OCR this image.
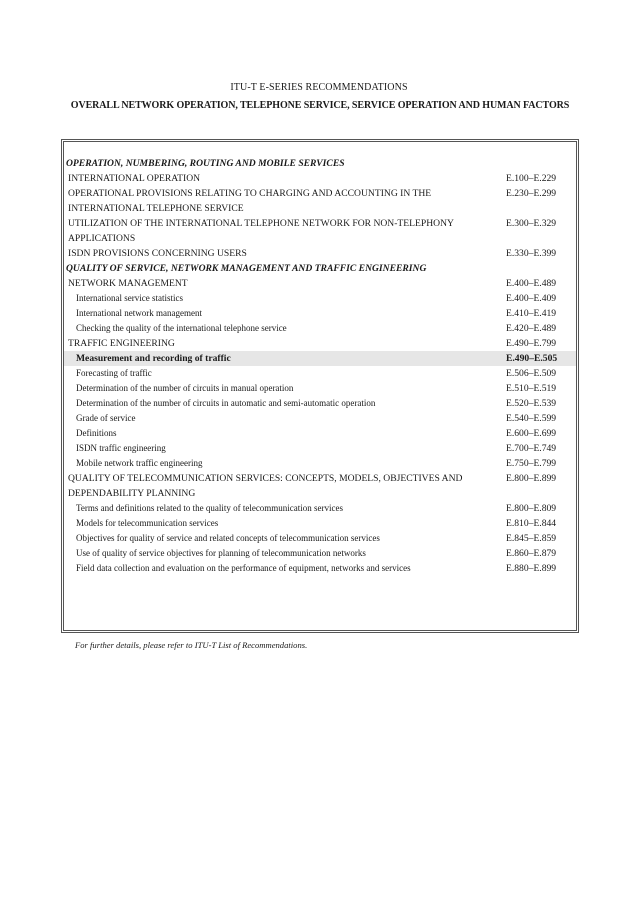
ITU-T E-SERIES RECOMMENDATIONS
OVERALL NETWORK OPERATION, TELEPHONE SERVICE, SERVICE OPERATION AND HUMAN FACTORS
OPERATION, NUMBERING, ROUTING AND MOBILE SERVICES
INTERNATIONAL OPERATION	E.100–E.229
OPERATIONAL PROVISIONS RELATING TO CHARGING AND ACCOUNTING IN THE INTERNATIONAL TELEPHONE SERVICE
E.230–E.299
UTILIZATION OF THE INTERNATIONAL TELEPHONE NETWORK FOR NON-TELEPHONY APPLICATIONS
E.300–E.329
ISDN PROVISIONS CONCERNING USERS	E.330–E.399
QUALITY OF SERVICE, NETWORK MANAGEMENT AND TRAFFIC ENGINEERING
NETWORK MANAGEMENT	E.400–E.489
International service statistics	E.400–E.409
International network management	E.410–E.419
Checking the quality of the international telephone service	E.420–E.489
TRAFFIC ENGINEERING	E.490–E.799
Measurement and recording of traffic	E.490–E.505
Forecasting of traffic	E.506–E.509
Determination of the number of circuits in manual operation	E.510–E.519
Determination of the number of circuits in automatic and semi-automatic operation	E.520–E.539
Grade of service	E.540–E.599
Definitions	E.600–E.699
ISDN traffic engineering	E.700–E.749
Mobile network traffic engineering	E.750–E.799
QUALITY OF TELECOMMUNICATION SERVICES: CONCEPTS, MODELS, OBJECTIVES AND DEPENDABILITY PLANNING
E.800–E.899
Terms and definitions related to the quality of telecommunication services	E.800–E.809
Models for telecommunication services	E.810–E.844
Objectives for quality of service and related concepts of telecommunication services	E.845–E.859
Use of quality of service objectives for planning of telecommunication networks	E.860–E.879
Field data collection and evaluation on the performance of equipment, networks and services	E.880–E.899
For further details, please refer to ITU-T List of Recommendations.
